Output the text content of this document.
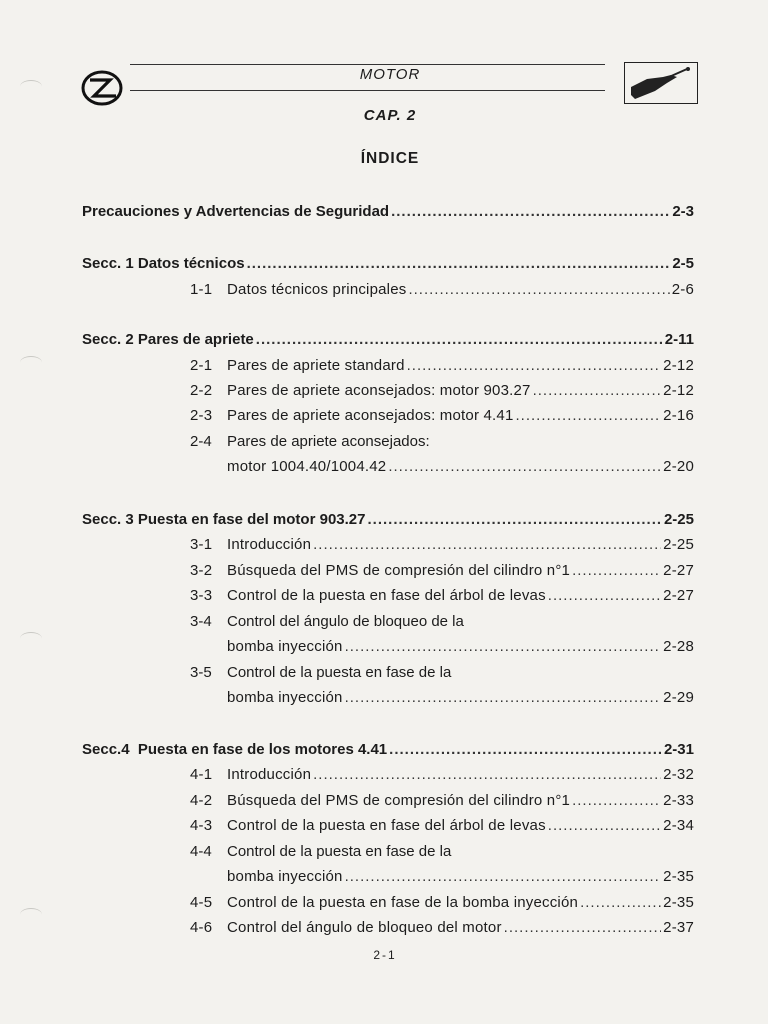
MOTOR
CAP. 2
ÍNDICE
Precauciones y Advertencias de Seguridad .....	2-3
Secc. 1 Datos técnicos .....	2-5
1-1 Datos técnicos principales .....	2-6
Secc. 2 Pares de apriete .....	2-11
2-1 Pares de apriete standard .....	2-12
2-2 Pares de apriete aconsejados: motor 903.27 .....	2-12
2-3 Pares de apriete aconsejados: motor 4.41 .....	2-16
2-4 Pares de apriete aconsejados:
motor 1004.40/1004.42 .....	2-20
Secc. 3 Puesta en fase del motor 903.27 .....	2-25
3-1 Introducción .....	2-25
3-2 Búsqueda del PMS de compresión del cilindro n°1 .....	2-27
3-3 Control de la puesta en fase del árbol de levas .....	2-27
3-4 Control del ángulo de bloqueo de la
bomba inyección .....	2-28
3-5 Control de la puesta en fase de la
bomba inyección .....	2-29
Secc.4  Puesta en fase de los motores 4.41 .....	2-31
4-1 Introducción .....	2-32
4-2 Búsqueda del PMS de compresión del cilindro n°1 .....	2-33
4-3 Control de la puesta en fase del árbol de levas .....	2-34
4-4 Control de la puesta en fase de la
bomba inyección .....	2-35
4-5 Control de la puesta en fase de la bomba inyección .....	2-35
4-6 Control del ángulo de bloqueo del motor .....	2-37
2-1
